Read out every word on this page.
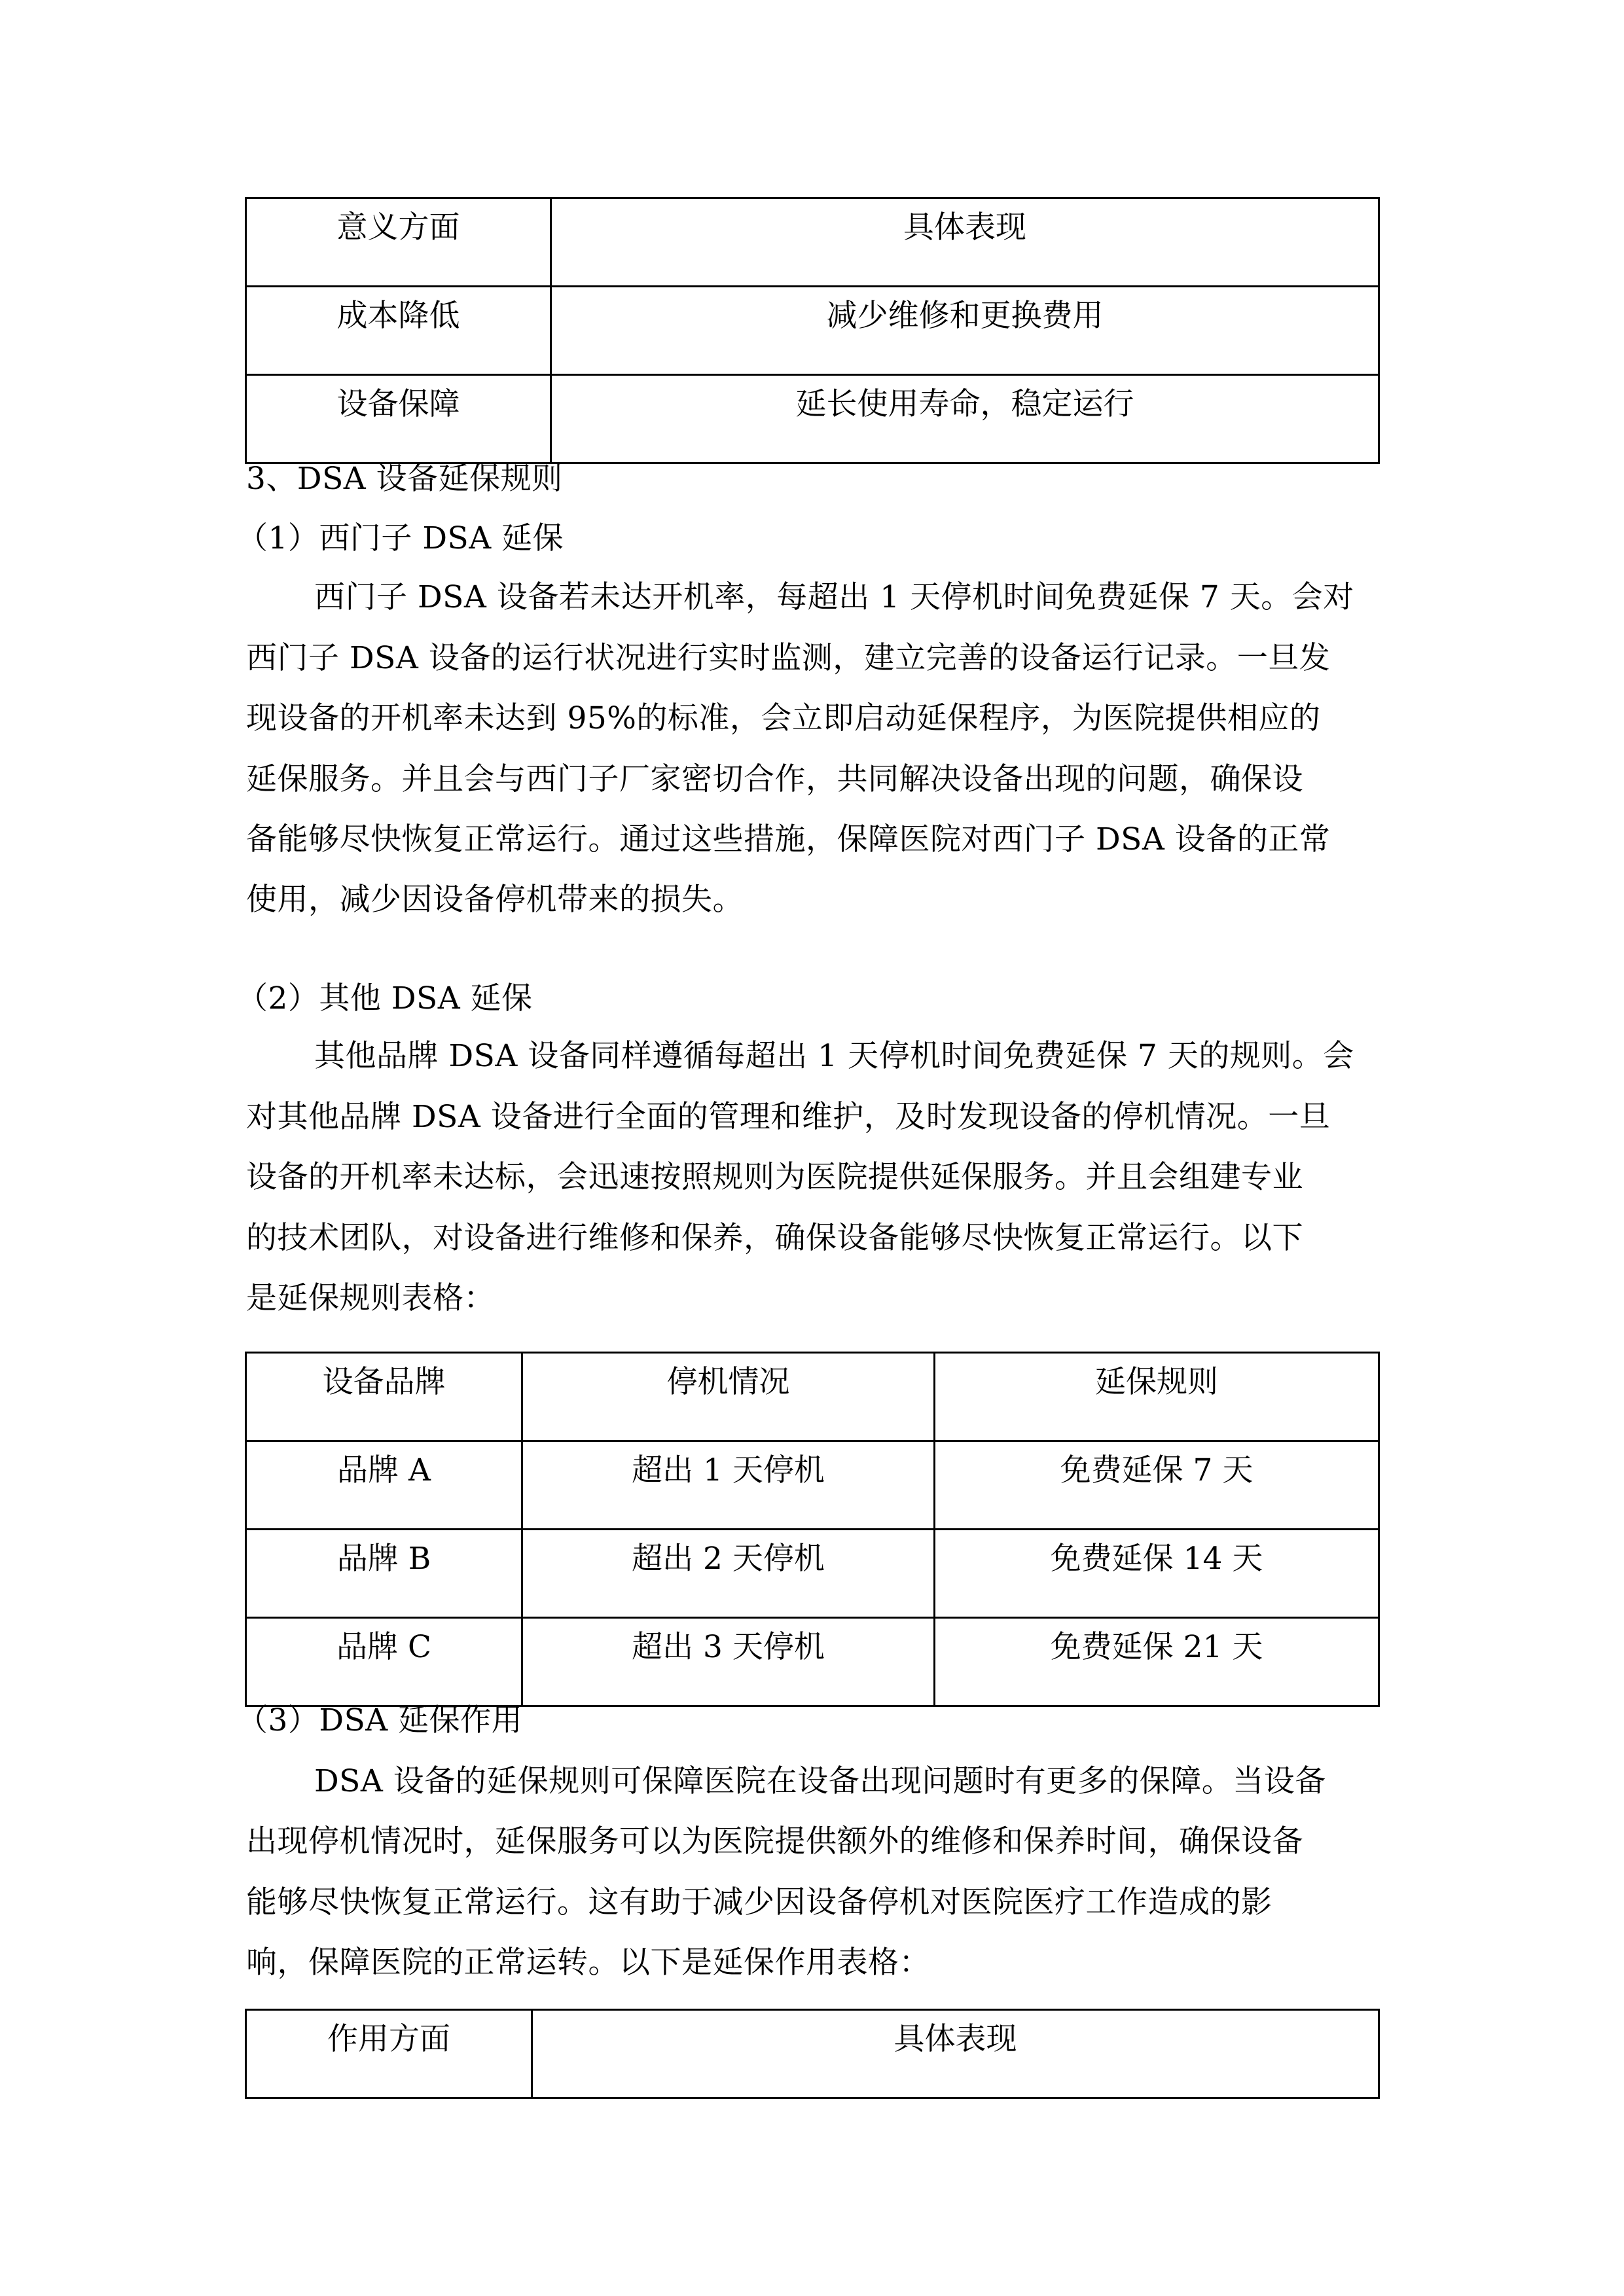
意义方面	具体表现
成本降低	减少维修和更换费用
设备保障	延长使用寿命，稳定运行
3、DSA 设备延保规则
（1）西门子 DSA 延保
西门子 DSA 设备若未达开机率，每超出 1 天停机时间免费延保 7 天。会对
西门子 DSA 设备的运行状况进行实时监测，建立完善的设备运行记录。一旦发
现设备的开机率未达到 95%的标准，会立即启动延保程序，为医院提供相应的
延保服务。并且会与西门子厂家密切合作，共同解决设备出现的问题，确保设
备能够尽快恢复正常运行。通过这些措施，保障医院对西门子 DSA 设备的正常
使用，减少因设备停机带来的损失。
（2）其他 DSA 延保
其他品牌 DSA 设备同样遵循每超出 1 天停机时间免费延保 7 天的规则。会
对其他品牌 DSA 设备进行全面的管理和维护，及时发现设备的停机情况。一旦
设备的开机率未达标，会迅速按照规则为医院提供延保服务。并且会组建专业
的技术团队，对设备进行维修和保养，确保设备能够尽快恢复正常运行。以下
是延保规则表格：
设备品牌	停机情况	延保规则
品牌 A	超出 1 天停机	免费延保 7 天
品牌 B	超出 2 天停机	免费延保 14 天
品牌 C	超出 3 天停机	免费延保 21 天
（3）DSA 延保作用
DSA 设备的延保规则可保障医院在设备出现问题时有更多的保障。当设备
出现停机情况时，延保服务可以为医院提供额外的维修和保养时间，确保设备
能够尽快恢复正常运行。这有助于减少因设备停机对医院医疗工作造成的影
响，保障医院的正常运转。以下是延保作用表格：
作用方面	具体表现
